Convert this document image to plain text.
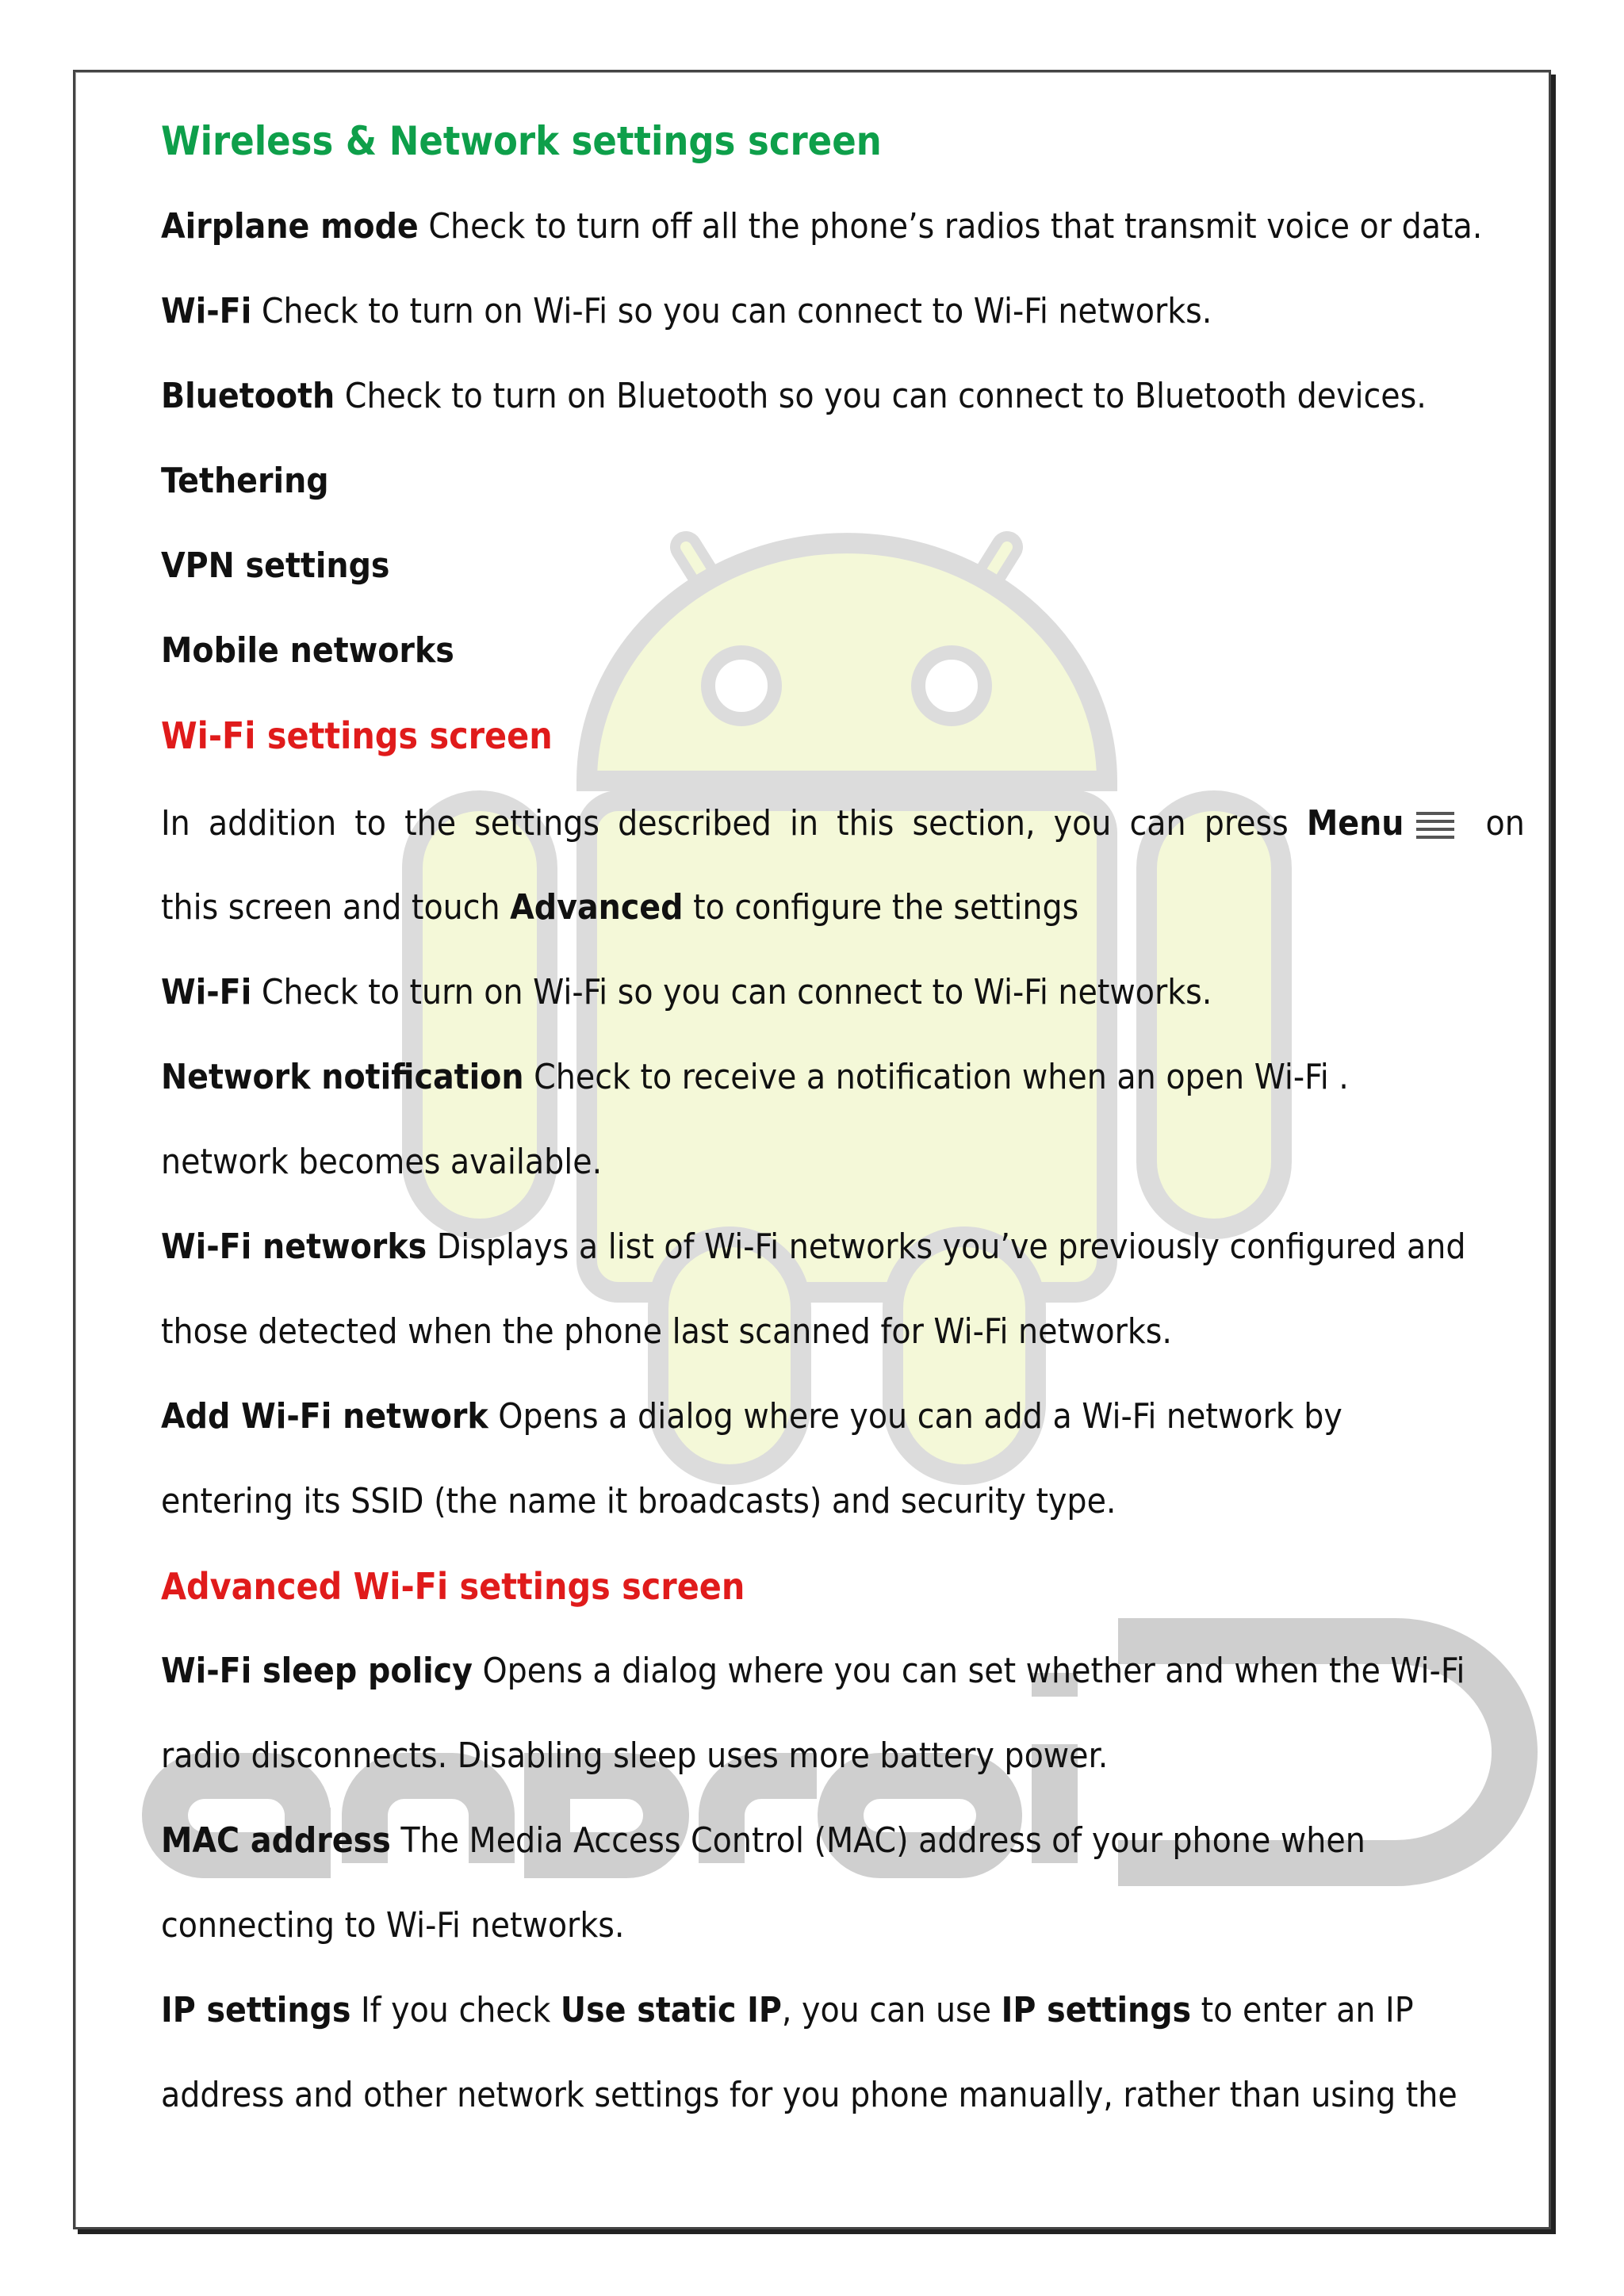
Wireless & Network settings screen
Airplane mode Check to turn off all the phone’s radios that transmit voice or data.
Wi-Fi Check to turn on Wi-Fi so you can connect to Wi-Fi networks.
Bluetooth Check to turn on Bluetooth so you can connect to Bluetooth devices.
Tethering
VPN settings
Mobile networks
Wi-Fi settings screen
In addition to the settings described in this section, you can press Menu	on
this screen and touch Advanced to configure the settings
Wi-Fi Check to turn on Wi-Fi so you can connect to Wi-Fi networks.
Network notification Check to receive a notification when an open Wi-Fi .
network becomes available.
Wi-Fi networks Displays a list of Wi-Fi networks you’ve previously configured and
those detected when the phone last scanned for Wi-Fi networks.
Add Wi-Fi network Opens a dialog where you can add a Wi-Fi network by
entering its SSID (the name it broadcasts) and security type.
Advanced Wi-Fi settings screen
Wi-Fi sleep policy Opens a dialog where you can set whether and when the Wi-Fi
radio disconnects. Disabling sleep uses more battery power.
MAC address The Media Access Control (MAC) address of your phone when
connecting to Wi-Fi networks.
IP settings If you check Use static IP, you can use IP settings to enter an IP
address and other network settings for you phone manually, rather than using the
